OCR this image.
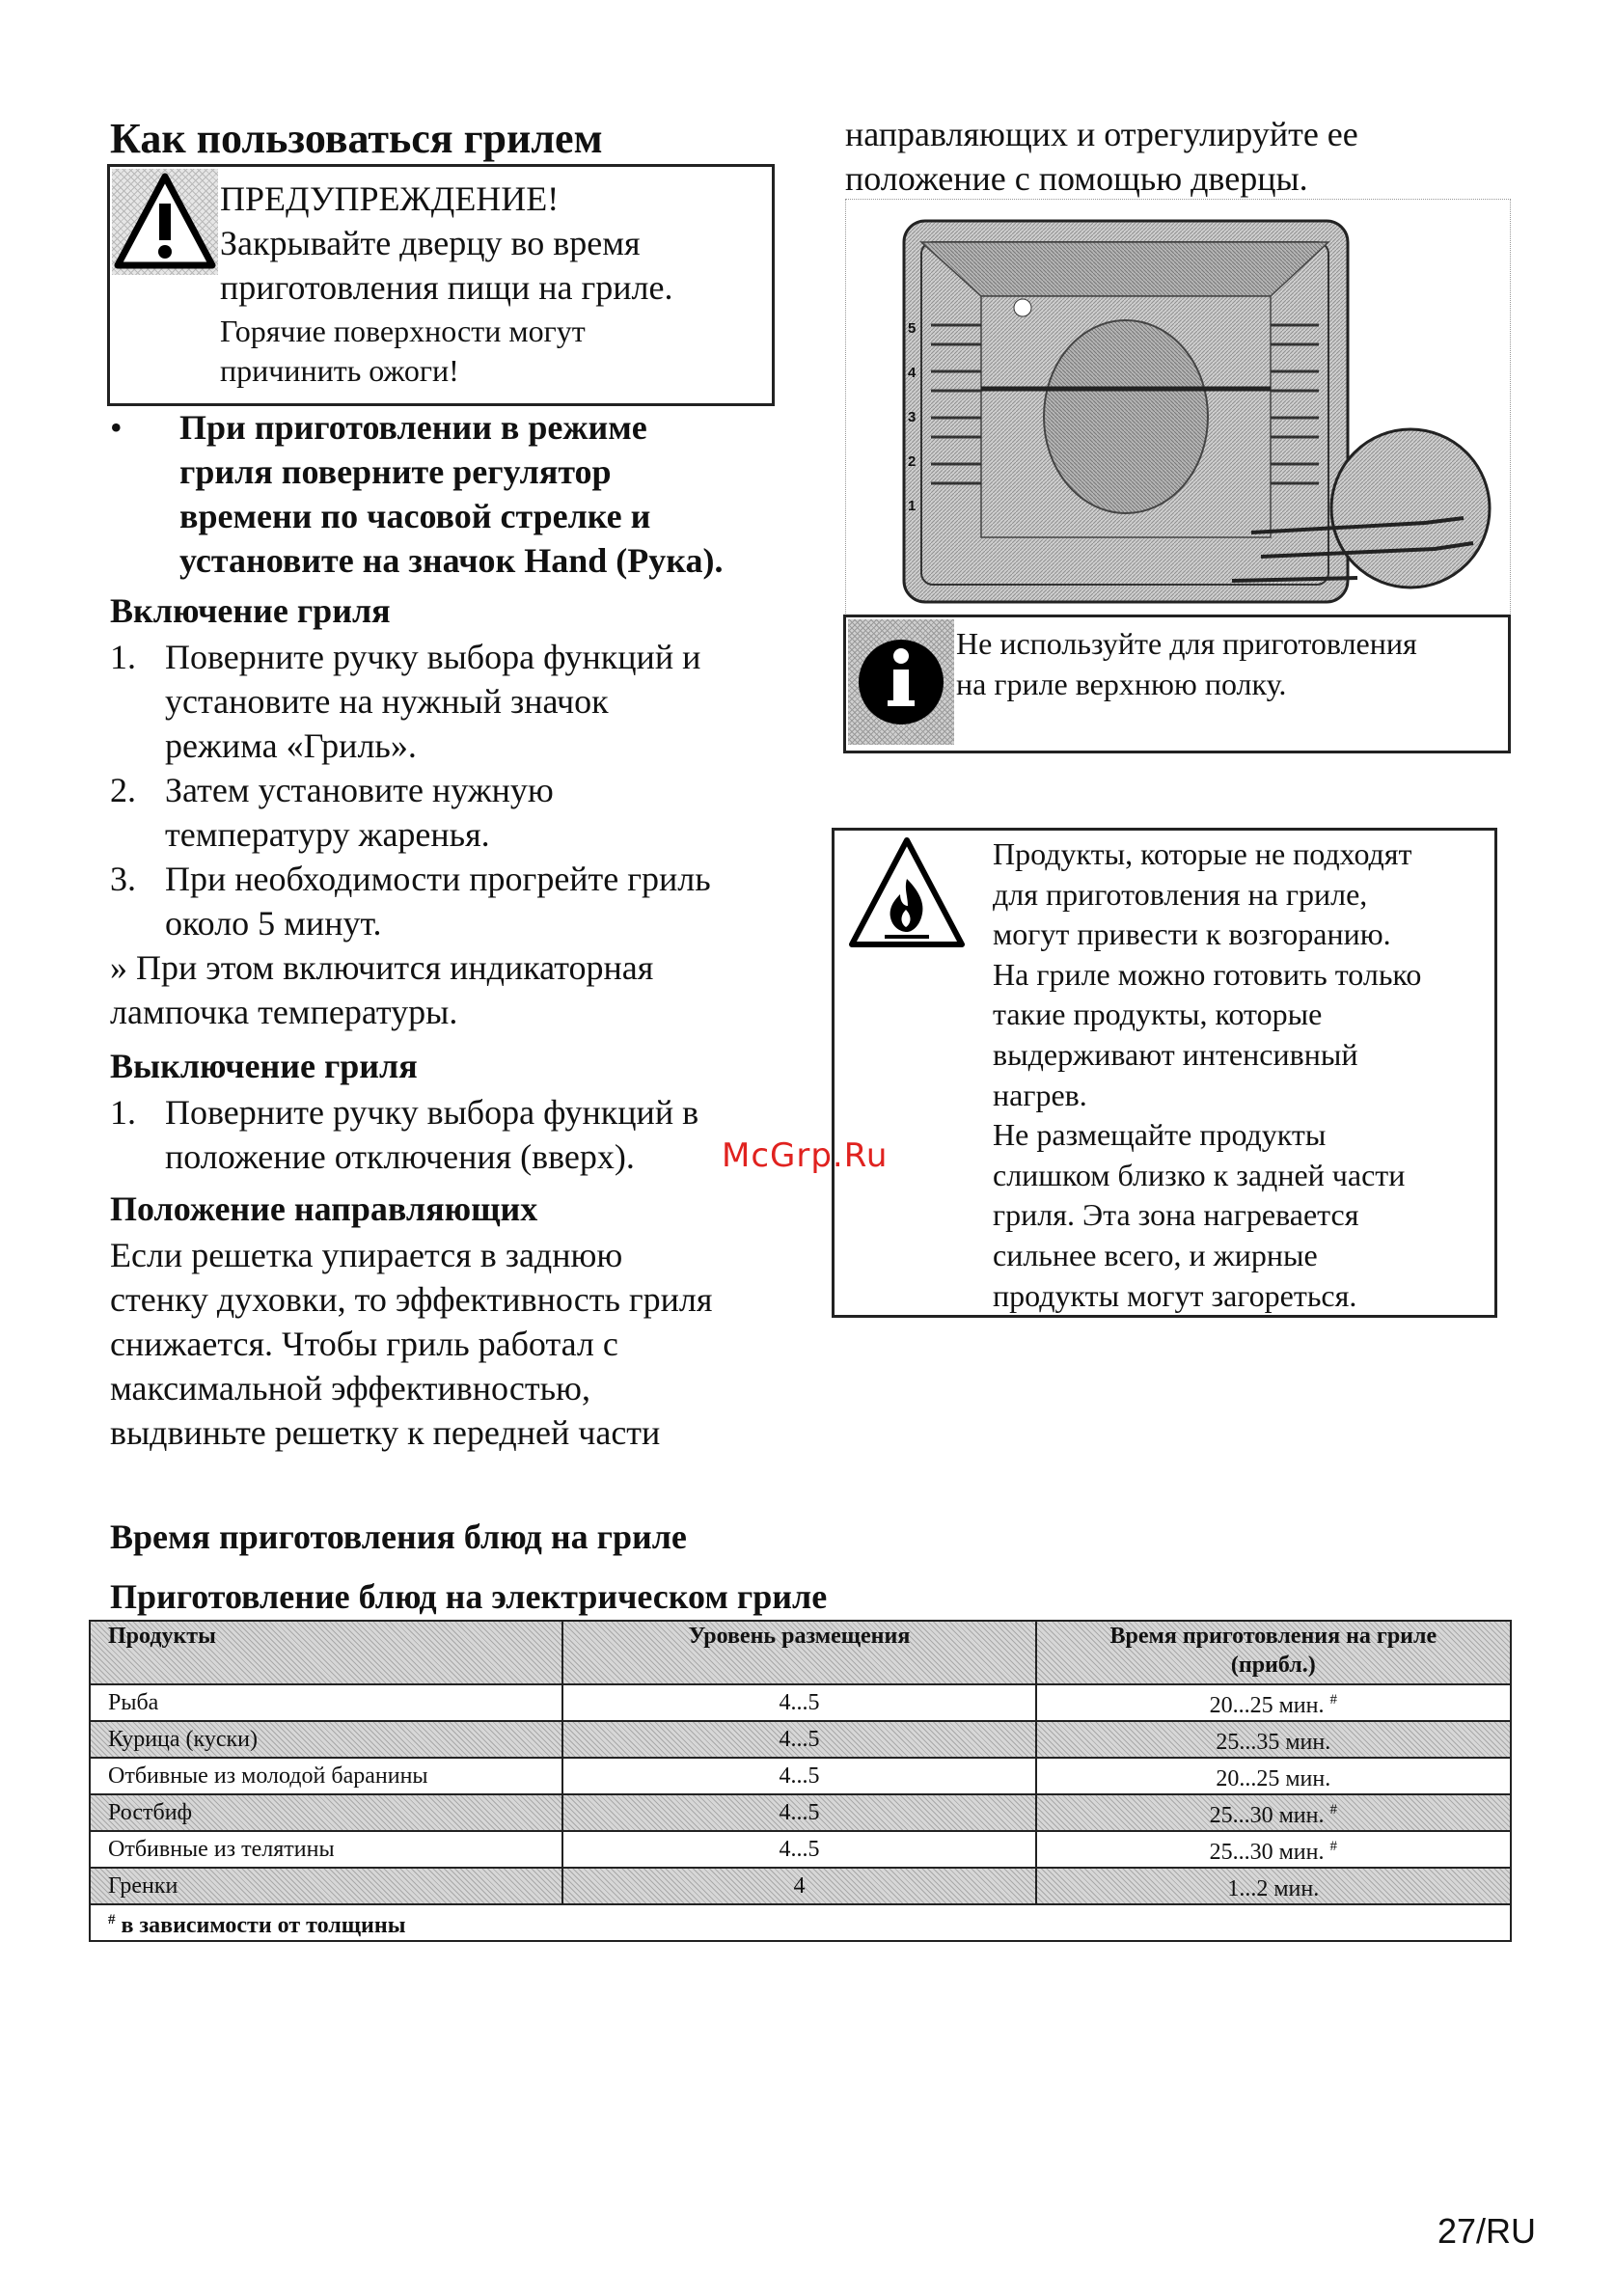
Как пользоваться грилем
ПРЕДУПРЕЖДЕНИЕ!
Закрывайте дверцу во время
приготовления пищи на гриле.
Горячие поверхности могут
причинить ожоги!
• При приготовлении в режиме
гриля поверните регулятор
времени по часовой стрелке и
установите на значок Hand (Рука).
Включение гриля
1. Поверните ручку выбора функций и
установите на нужный значок
режима «Гриль».
2. Затем установите нужную
температуру жаренья.
3. При необходимости прогрейте гриль
около 5 минут.
» При этом включится индикаторная
лампочка температуры.
Выключение гриля
1. Поверните ручку выбора функций в
положение отключения (вверх).
Положение направляющих
Если решетка упирается в заднюю
стенку духовки, то эффективность гриля
снижается. Чтобы гриль работал с
максимальной эффективностью,
выдвиньте решетку к передней части
McGrp.Ru
направляющих и отрегулируйте ее
положение с помощью дверцы.
5
4
3
2
1
Не используйте для приготовления
на гриле верхнюю полку.
Продукты, которые не подходят
для приготовления на гриле,
могут привести к возгоранию.
На гриле можно готовить только
такие продукты, которые
выдерживают интенсивный
нагрев.
Не размещайте продукты
слишком близко к задней части
гриля. Эта зона нагревается
сильнее всего, и жирные
продукты могут загореться.
Время приготовления блюд на гриле
Приготовление блюд на электрическом гриле
Продукты	Уровень размещения	Время приготовления на гриле
(прибл.)

Рыба	4...5	20...25 мин. #
Курица (куски)	4...5	25...35 мин.
Отбивные из молодой баранины	4...5	20...25 мин.
Ростбиф	4...5	25...30 мин. #
Отбивные из телятины	4...5	25...30 мин. #
Гренки	4	1...2 мин.
# в зависимости от толщины		
27/RU
